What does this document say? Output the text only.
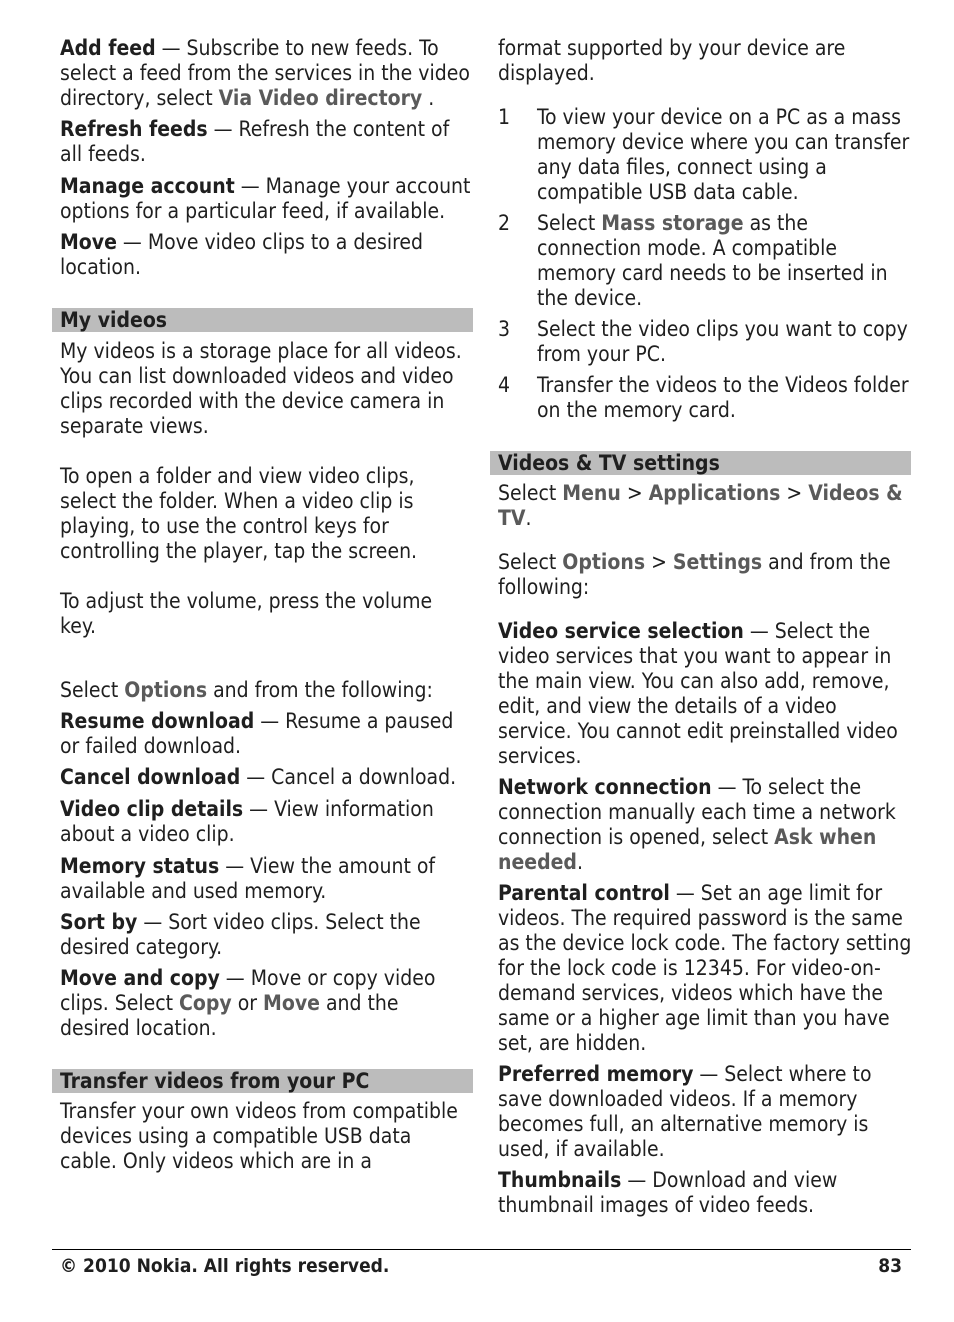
Add feed — Subscribe to new feeds. To select a feed from the services in the video directory, select Via Video directory .

Refresh feeds — Refresh the content of all feeds.

Manage account — Manage your account options for a particular feed, if available.

Move — Move video clips to a desired location.

My videos

My videos is a storage place for all videos. You can list downloaded videos and video clips recorded with the device camera in separate views.

To open a folder and view video clips, select the folder. When a video clip is playing, to use the control keys for controlling the player, tap the screen.

To adjust the volume, press the volume key.

Select Options and from the following:

Resume download — Resume a paused or failed download.

Cancel download — Cancel a download.

Video clip details — View information about a video clip.

Memory status — View the amount of available and used memory.

Sort by — Sort video clips. Select the desired category.

Move and copy — Move or copy video clips. Select Copy or Move and the desired location.

Transfer videos from your PC

Transfer your own videos from compatible devices using a compatible USB data cable. Only videos which are in a

format supported by your device are displayed.

1 To view your device on a PC as a mass memory device where you can transfer any data files, connect using a compatible USB data cable.

2 Select Mass storage as the connection mode. A compatible memory card needs to be inserted in the device.

3 Select the video clips you want to copy from your PC.

4 Transfer the videos to the Videos folder on the memory card.

Videos & TV settings

Select Menu > Applications > Videos & TV.

Select Options > Settings and from the following:

Video service selection — Select the video services that you want to appear in the main view. You can also add, remove, edit, and view the details of a video service. You cannot edit preinstalled video services.

Network connection — To select the connection manually each time a network connection is opened, select Ask when needed.

Parental control — Set an age limit for videos. The required password is the same as the device lock code. The factory setting for the lock code is 12345. For video-on-demand services, videos which have the same or a higher age limit than you have set, are hidden.

Preferred memory — Select where to save downloaded videos. If a memory becomes full, an alternative memory is used, if available.

Thumbnails — Download and view thumbnail images of video feeds.

© 2010 Nokia. All rights reserved.	83
